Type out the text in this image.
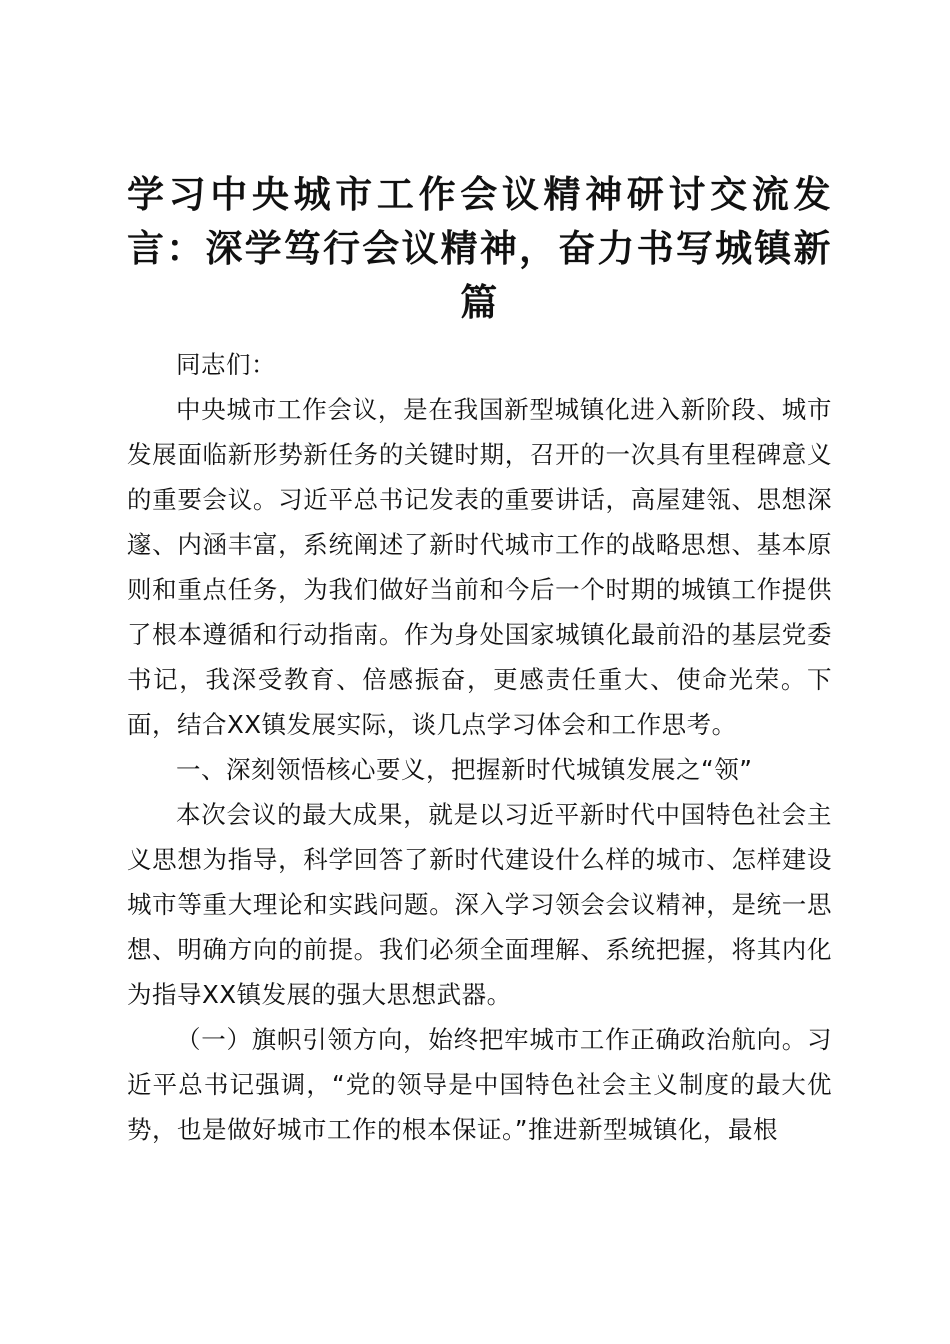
学习中央城市工作会议精神研讨交流发言：深学笃行会议精神，奋力书写城镇新篇

同志们：

中央城市工作会议，是在我国新型城镇化进入新阶段、城市发展面临新形势新任务的关键时期，召开的一次具有里程碑意义的重要会议。习近平总书记发表的重要讲话，高屋建瓴、思想深邃、内涵丰富，系统阐述了新时代城市工作的战略思想、基本原则和重点任务，为我们做好当前和今后一个时期的城镇工作提供了根本遵循和行动指南。作为身处国家城镇化最前沿的基层党委书记，我深受教育、倍感振奋，更感责任重大、使命光荣。下面，结合XX镇发展实际，谈几点学习体会和工作思考。

一、深刻领悟核心要义，把握新时代城镇发展之“领”

本次会议的最大成果，就是以习近平新时代中国特色社会主义思想为指导，科学回答了新时代建设什么样的城市、怎样建设城市等重大理论和实践问题。深入学习领会会议精神，是统一思想、明确方向的前提。我们必须全面理解、系统把握，将其内化为指导XX镇发展的强大思想武器。

（一）旗帜引领方向，始终把牢城市工作正确政治航向。习近平总书记强调，“党的领导是中国特色社会主义制度的最大优势，也是做好城市工作的根本保证。”推进新型城镇化，最根
